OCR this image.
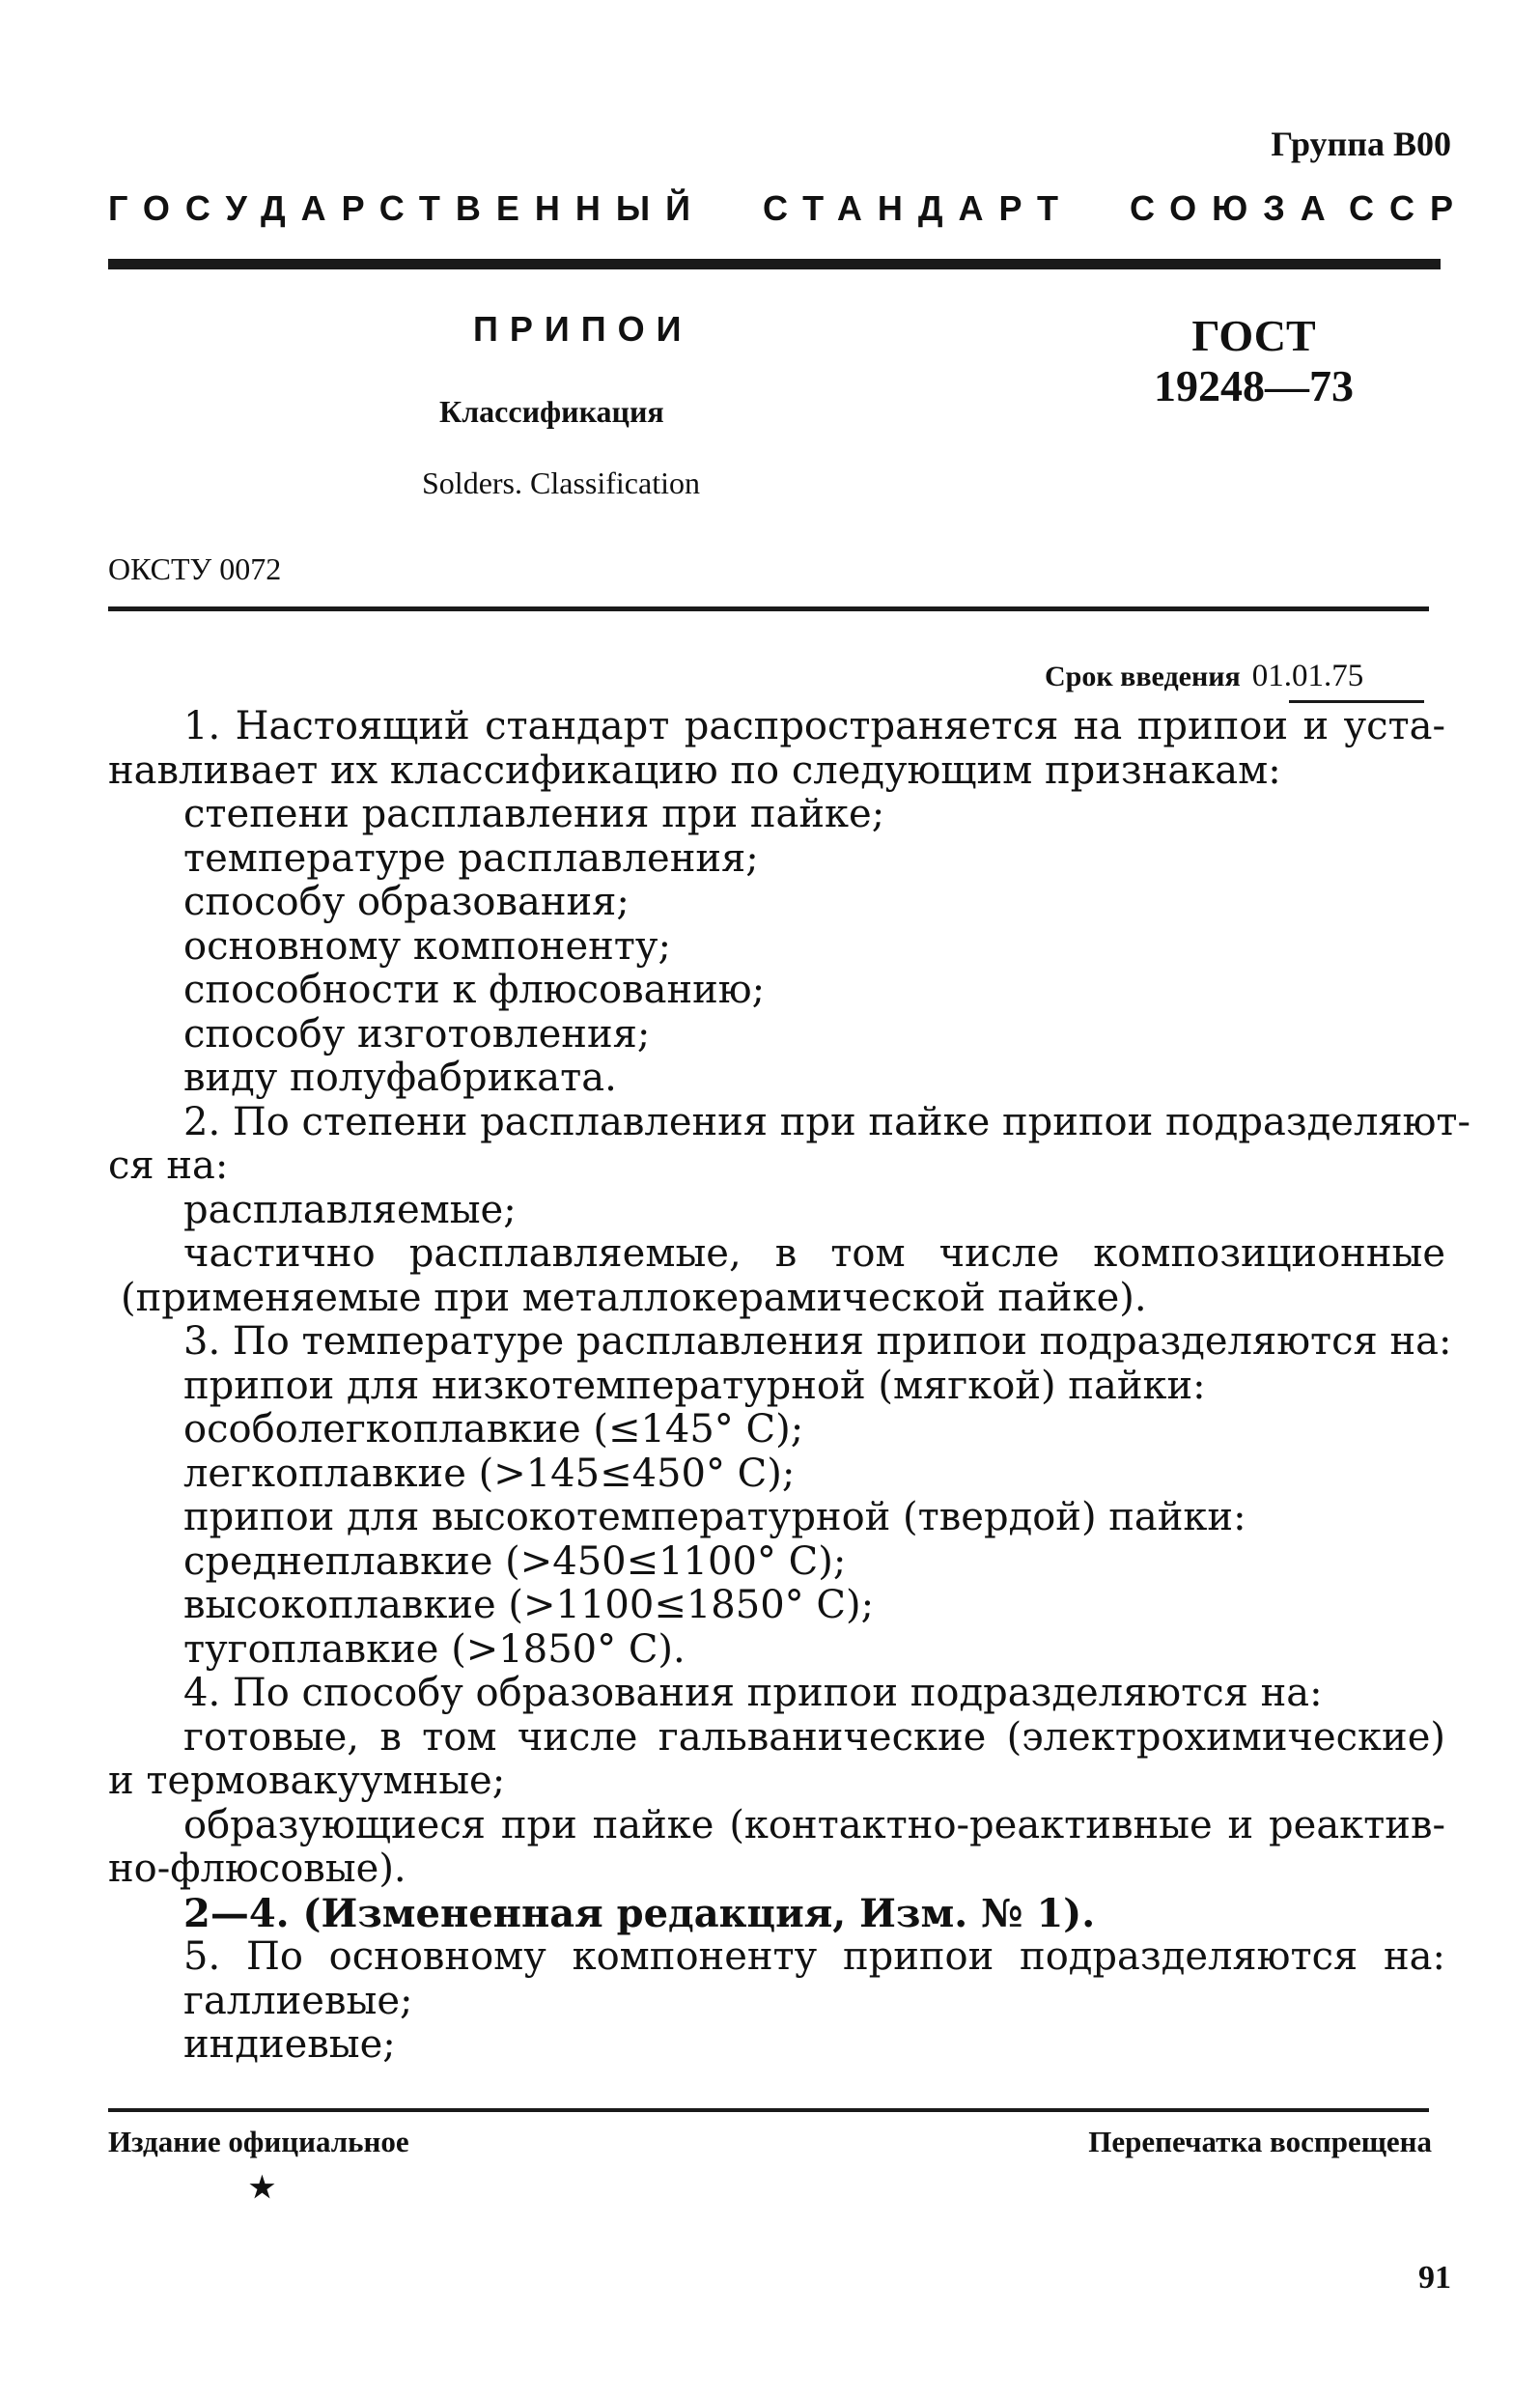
Группа В00
ГОСУДАРСТВЕННЫЙ СТАНДАРТ СОЮЗА ССР
ПРИПОИ
Классификация
Solders. Classification
ГОСТ
19248—73
ОКСТУ 0072
Срок введения 01.01.75
1. Настоящий стандарт распространяется на припои и уста-
навливает их классификацию по следующим признакам:
степени расплавления при пайке;
температуре расплавления;
способу образования;
основному компоненту;
способности к флюсованию;
способу изготовления;
виду полуфабриката.
2. По степени расплавления при пайке припои подразделяют-
ся на:
расплавляемые;
частично расплавляемые, в том числе композиционные
(применяемые при металлокерамической пайке).
3. По температуре расплавления припои подразделяются на:
припои для низкотемпературной (мягкой) пайки:
особолегкоплавкие (≤145° С);
легкоплавкие (>145≤450° С);
припои для высокотемпературной (твердой) пайки:
среднеплавкие (>450≤1100° С);
высокоплавкие (>1100≤1850° С);
тугоплавкие (>1850° С).
4. По способу образования припои подразделяются на:
готовые, в том числе гальванические (электрохимические)
и термовакуумные;
образующиеся при пайке (контактно-реактивные и реактив-
но-флюсовые).
2—4. (Измененная редакция, Изм. № 1).
5. По основному компоненту припои подразделяются на:
галлиевые;
индиевые;
Издание официальное	Перепечатка воспрещена
★
91
